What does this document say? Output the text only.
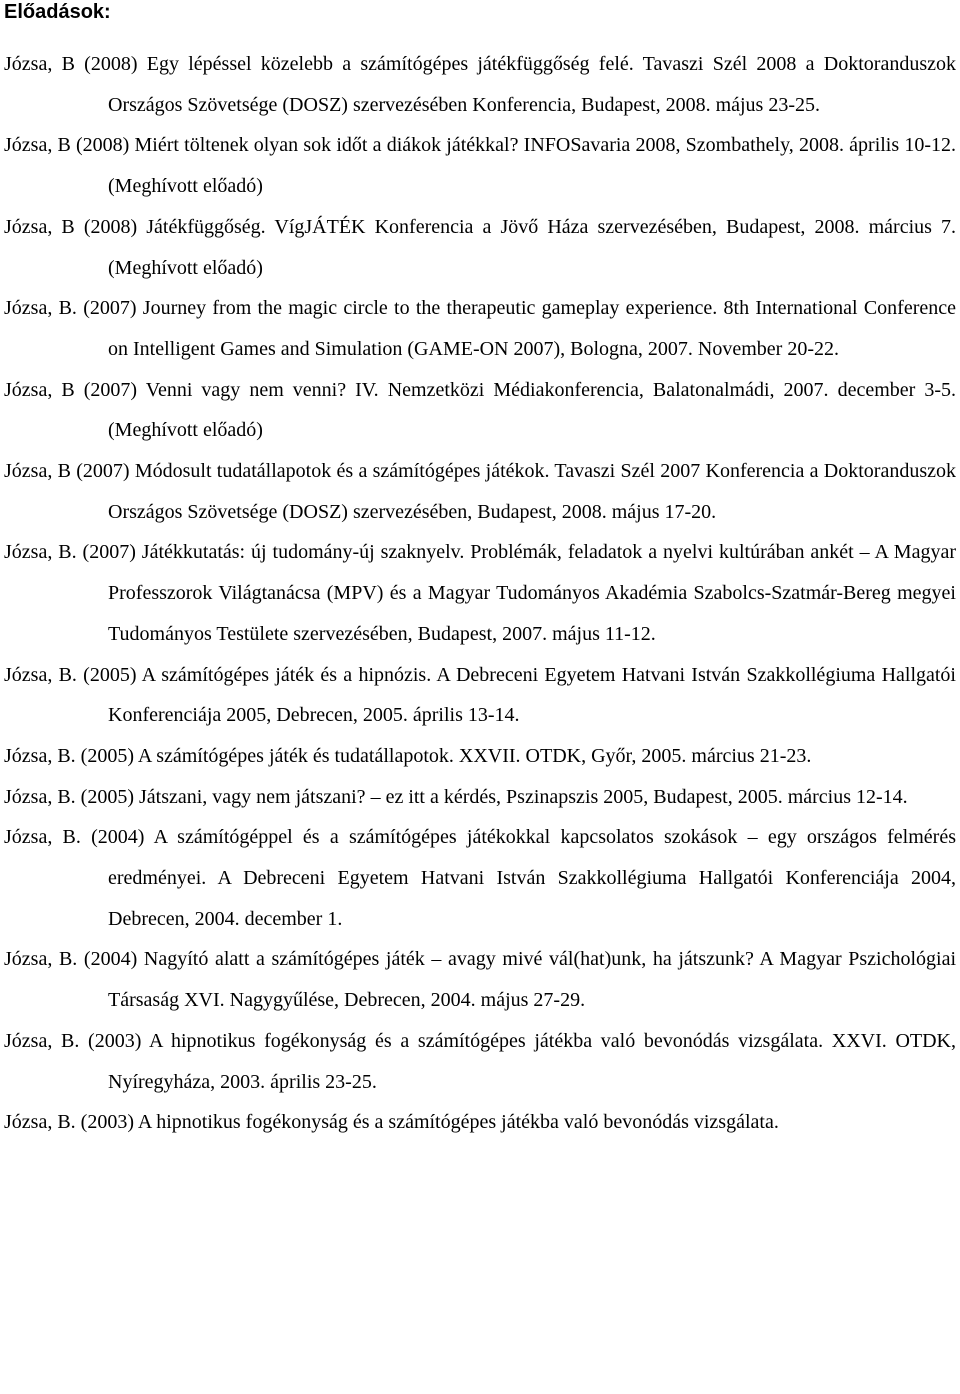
Előadások:
Józsa, B (2008) Egy lépéssel közelebb a számítógépes játékfüggőség felé. Tavaszi Szél 2008 a Doktoranduszok Országos Szövetsége (DOSZ) szervezésében Konferencia, Budapest, 2008. május 23-25.
Józsa, B (2008) Miért töltenek olyan sok időt a diákok játékkal? INFOSavaria 2008, Szombathely, 2008. április 10-12. (Meghívott előadó)
Józsa, B (2008) Játékfüggőség. VígJÁTÉK Konferencia a Jövő Háza szervezésében, Budapest, 2008. március 7. (Meghívott előadó)
Józsa, B. (2007) Journey from the magic circle to the therapeutic gameplay experience. 8th International Conference on Intelligent Games and Simulation (GAME-ON 2007), Bologna, 2007. November 20-22.
Józsa, B (2007) Venni vagy nem venni? IV. Nemzetközi Médiakonferencia, Balatonalmádi, 2007. december 3-5. (Meghívott előadó)
Józsa, B (2007) Módosult tudatállapotok és a számítógépes játékok. Tavaszi Szél 2007 Konferencia a Doktoranduszok Országos Szövetsége (DOSZ) szervezésében, Budapest, 2008. május 17-20.
Józsa, B. (2007) Játékkutatás: új tudomány-új szaknyelv. Problémák, feladatok a nyelvi kultúrában ankét – A Magyar Professzorok Világtanácsa (MPV) és a Magyar Tudományos Akadémia Szabolcs-Szatmár-Bereg megyei Tudományos Testülete szervezésében, Budapest, 2007. május 11-12.
Józsa, B. (2005) A számítógépes játék és a hipnózis. A Debreceni Egyetem Hatvani István Szakkollégiuma Hallgatói Konferenciája 2005, Debrecen, 2005. április 13-14.
Józsa, B. (2005) A számítógépes játék és tudatállapotok. XXVII. OTDK, Győr, 2005. március 21-23.
Józsa, B. (2005) Játszani, vagy nem játszani? – ez itt a kérdés, Pszinapszis 2005, Budapest, 2005. március 12-14.
Józsa, B. (2004) A számítógéppel és a számítógépes játékokkal kapcsolatos szokások – egy országos felmérés eredményei. A Debreceni Egyetem Hatvani István Szakkollégiuma Hallgatói Konferenciája 2004, Debrecen, 2004. december 1.
Józsa, B. (2004) Nagyító alatt a számítógépes játék – avagy mivé vál(hat)unk, ha játszunk? A Magyar Pszichológiai Társaság XVI. Nagygyűlése, Debrecen, 2004. május 27-29.
Józsa, B. (2003) A hipnotikus fogékonyság és a számítógépes játékba való bevonódás vizsgálata. XXVI. OTDK, Nyíregyháza, 2003. április 23-25.
Józsa, B. (2003) A hipnotikus fogékonyság és a számítógépes játékba való bevonódás vizsgálata.
